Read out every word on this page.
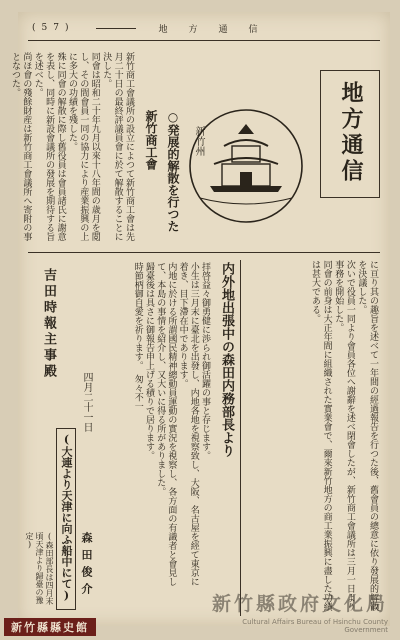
(57)	地　方　通　信
地方通信
新竹州
○発展的解散を行つた　新竹商工會
新竹商工會議所の設立によつて新竹商工會は先月二十日の最終評議員會に於て解散することに決した。
同會は昭和二十年九月以來十八年間の歳月を閲し、その間會員一同の協力により産業振興の上に多大の功績を殘した。
殊に同會の解散に際し舊役員は會員諸氏に謝意を表し、同時に新設會議所の發展を期待する旨を述べた。
尚ほ會の殘餘財産は新竹商工會議所へ寄附の事となつた。
に亘り其の趣旨を述べて一年間の經過報告を行つた後、舊會員の總意に依り發展的解散を決議した。
次いで役員一同より會員各位へ謝辭を述べ閉會したが、新竹商工會議所は三月一日より事務を開始した。
同會の前身は大正年間に組織された實業會で、爾來新竹地方の商工業振興に盡した功績は甚大である。
内外地出張中の森田内務部長より
拝啓益々御勇健に渉られ御活躍の事と存じます。
小生は三月末に臺北を出發し、内地各地を視察致し、大阪、名古屋を經て東京に着き、目下滯在中であります。
内地に於ける所謂國民精神總動員運動の實況を視察し、各方面の有識者と會見して、本島の事情を紹介し、又大いに得る所がありました。
歸臺後は具さに御報告申上げる積りで居ります。
時節柄御自愛を祈ります。　匆々不一
四月二十一日
森田俊介
吉田時報主事殿
(大連より天津に向ふ船中にて)
(森田部長は四月末頃天津より歸臺の豫定)
新竹縣縣史館
新竹縣政府文化局
Cultural Affairs Bureau of Hsinchu County Government
